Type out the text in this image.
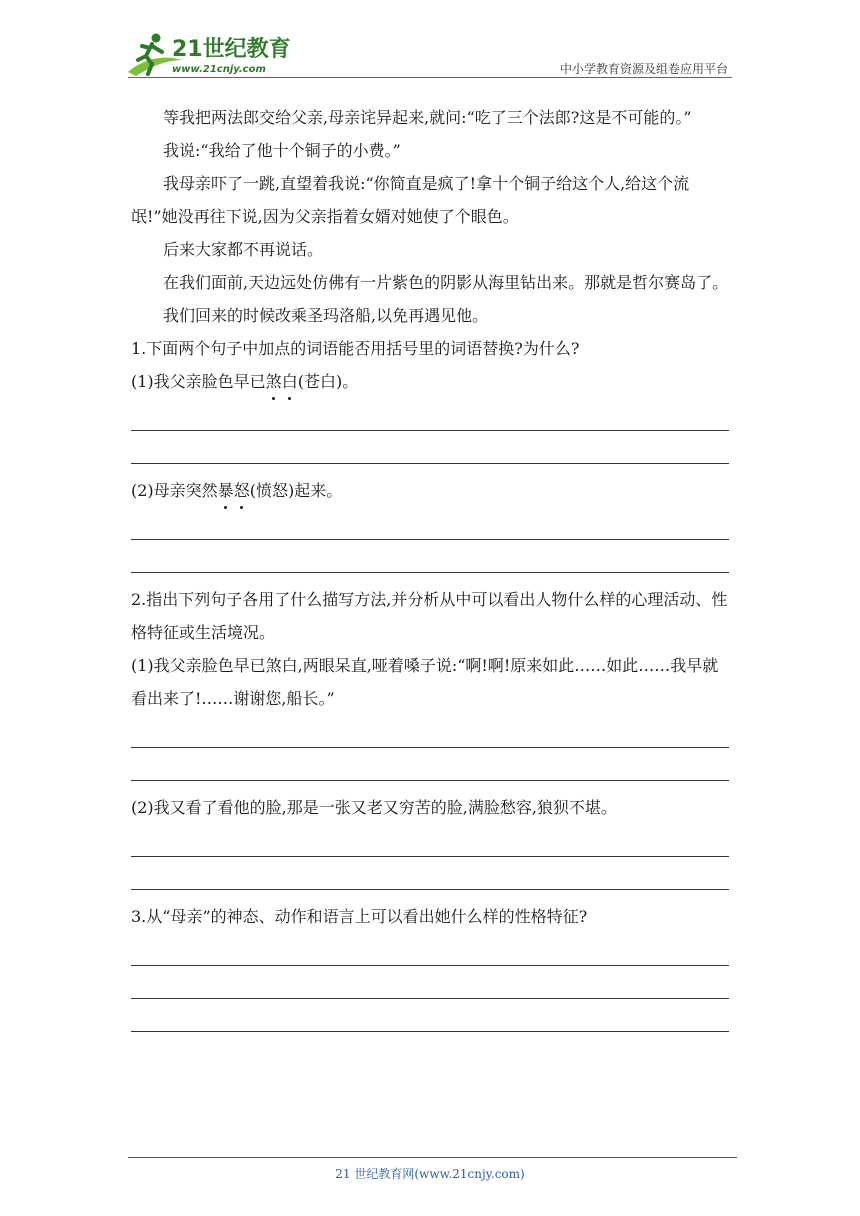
21世纪教育
www.21cnjy.com	中小学教育资源及组卷应用平台

等我把两法郎交给父亲,母亲诧异起来,就问:“吃了三个法郎?这是不可能的。”

我说:“我给了他十个铜子的小费。”

我母亲吓了一跳,直望着我说:“你简直是疯了!拿十个铜子给这个人,给这个流氓!”她没再往下说,因为父亲指着女婿对她使了个眼色。

后来大家都不再说话。

在我们面前,天边远处仿佛有一片紫色的阴影从海里钻出来。那就是哲尔赛岛了。

我们回来的时候改乘圣玛洛船,以免再遇见他。

1.下面两个句子中加点的词语能否用括号里的词语替换?为什么?

(1)我父亲脸色早已煞白(苍白)。

(2)母亲突然暴怒(愤怒)起来。

2.指出下列句子各用了什么描写方法,并分析从中可以看出人物什么样的心理活动、性格特征或生活境况。

(1)我父亲脸色早已煞白,两眼呆直,哑着嗓子说:“啊!啊!原来如此……如此……我早就看出来了!……谢谢您,船长。”

(2)我又看了看他的脸,那是一张又老又穷苦的脸,满脸愁容,狼狈不堪。

3.从“母亲”的神态、动作和语言上可以看出她什么样的性格特征?

21 世纪教育网(www.21cnjy.com)
